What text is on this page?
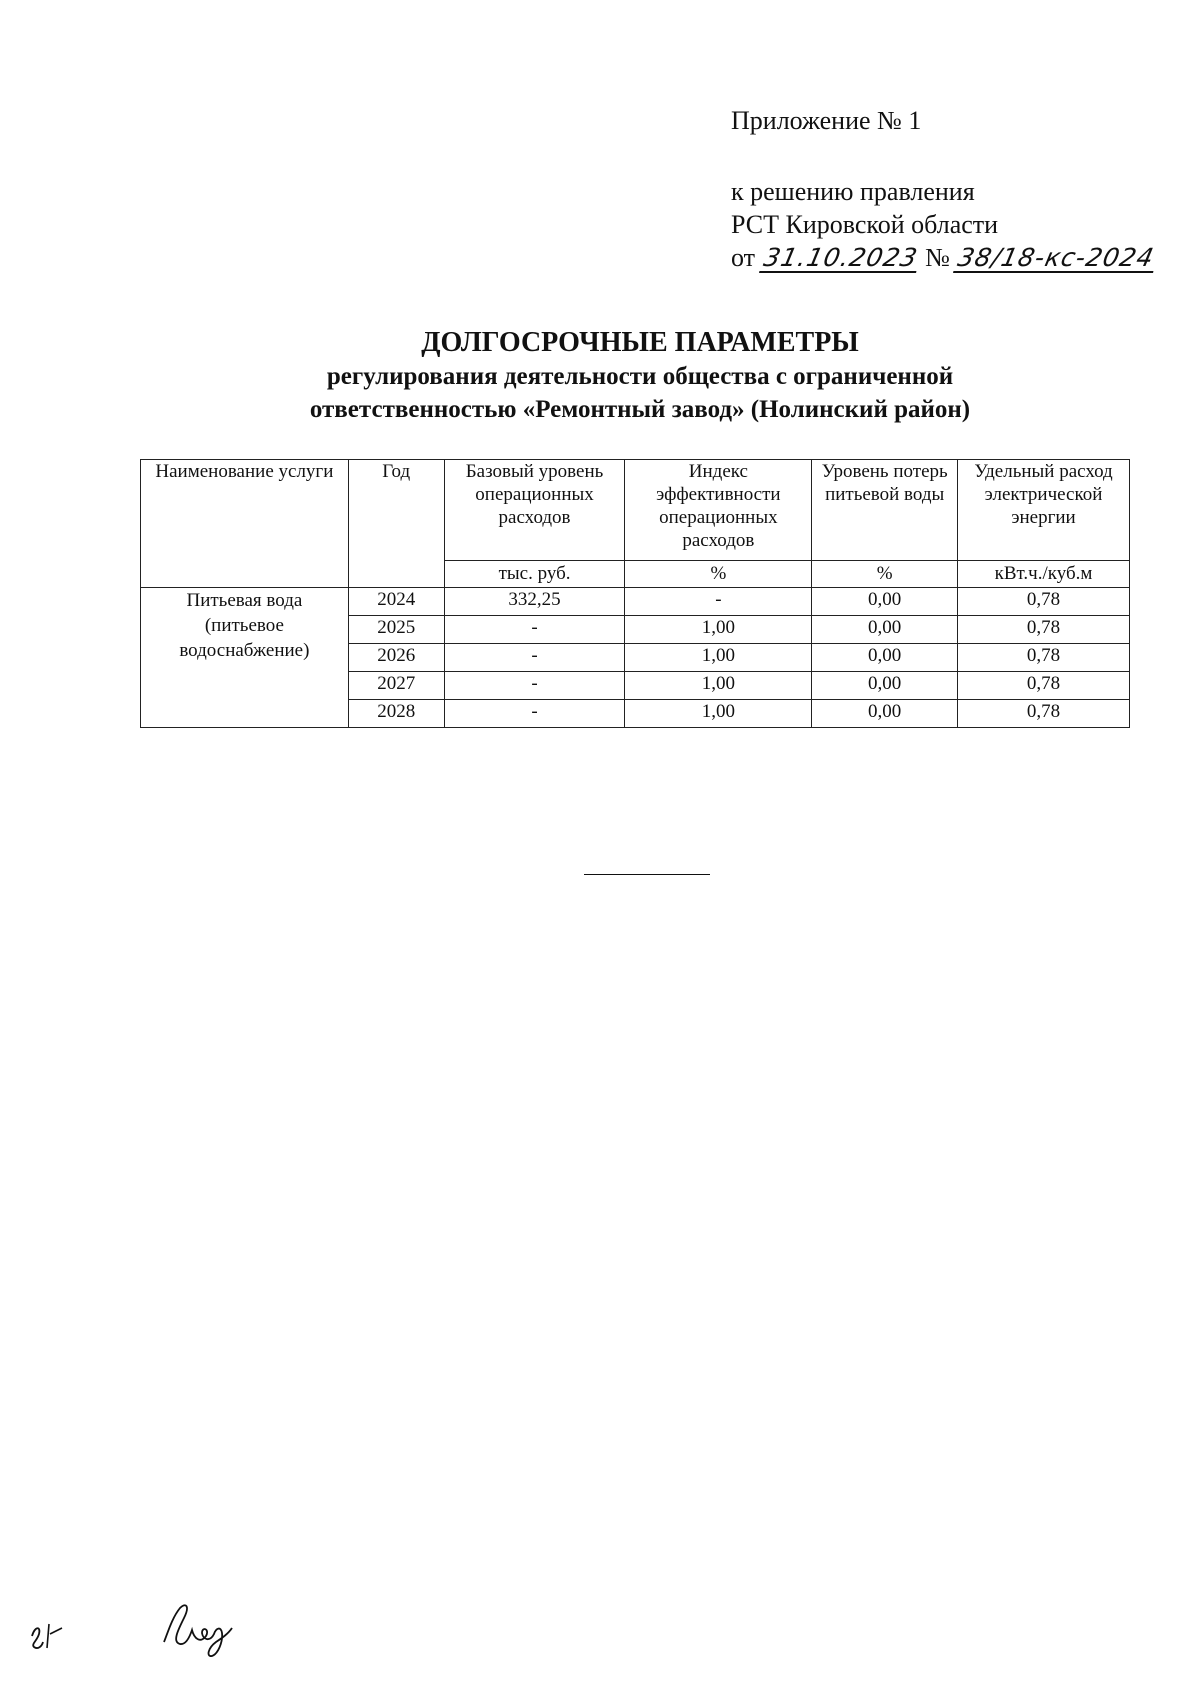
Приложение № 1
к решению правления
РСТ Кировской области
от 31.10.2023 № 38/18-кс-2024
ДОЛГОСРОЧНЫЕ ПАРАМЕТРЫ
регулирования деятельности общества с ограниченной
ответственностью «Ремонтный завод» (Нолинский район)
Наименование услуги	Год	Базовый уровень операционных расходов	Индекс эффективности операционных расходов	Уровень потерь питьевой воды	Удельный расход электрической энергии
		тыс. руб.	%	%	кВт.ч./куб.м
Питьевая вода (питьевое водоснабжение)	2024	332,25	-	0,00	0,78
	2025	-	1,00	0,00	0,78
	2026	-	1,00	0,00	0,78
	2027	-	1,00	0,00	0,78
	2028	-	1,00	0,00	0,78
